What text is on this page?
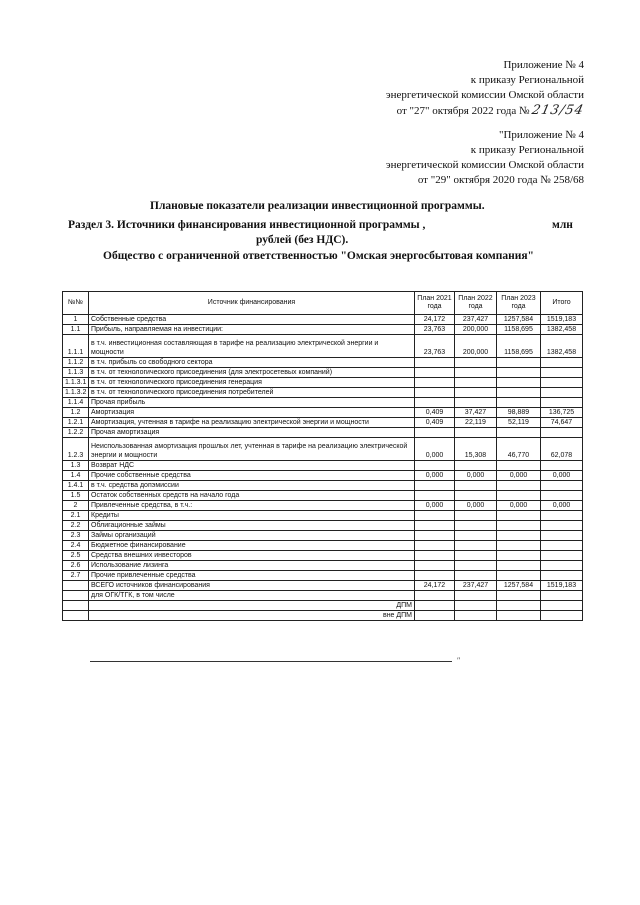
Приложение № 4
к приказу Региональной
энергетической комиссии Омской области
от "27" октября 2022 года № 213/54
"Приложение № 4
к приказу Региональной
энергетической комиссии Омской области
от "29" октября 2020 года № 258/68
Плановые показатели реализации инвестиционной программы.
Раздел 3. Источники финансирования инвестиционной программы ,	млн
рублей (без НДС).
Общество с ограниченной ответственностью "Омская энергосбытовая компания"
№№	Источник финансирования	План 2021 года	План 2022 года	План 2023 года	Итого
1	Собственные средства	24,172	237,427	1257,584	1519,183
1.1	Прибыль, направляемая на инвестиции:	23,763	200,000	1158,695	1382,458
1.1.1	в т.ч. инвестиционная составляющая в тарифе на реализацию электрической энергии и мощности	23,763	200,000	1158,695	1382,458
1.1.2	в т.ч. прибыль со свободного сектора				
1.1.3	в т.ч. от технологического присоединения (для электросетевых компаний)				
1.1.3.1	в т.ч. от технологического присоединения генерация				
1.1.3.2	в т.ч. от технологического присоединения потребителей				
1.1.4	Прочая прибыль				
1.2	Амортизация	0,409	37,427	98,889	136,725
1.2.1	Амортизация, учтенная в тарифе на реализацию электрической энергии и мощности	0,409	22,119	52,119	74,647
1.2.2	Прочая амортизация				
1.2.3	Неиспользованная амортизация прошлых лет, учтенная в тарифе на реализацию электрической энергии и мощности	0,000	15,308	46,770	62,078
1.3	Возврат НДС				
1.4	Прочие собственные средства	0,000	0,000	0,000	0,000
1.4.1	в т.ч. средства допэмиссии				
1.5	Остаток собственных средств на начало года				
2	Привлеченные средства, в т.ч.:	0,000	0,000	0,000	0,000
2.1	Кредиты				
2.2	Облигационные займы				
2.3	Займы организаций				
2.4	Бюджетное финансирование				
2.5	Средства внешних инвесторов				
2.6	Использование лизинга				
2.7	Прочие привлеченные средства				
	ВСЕГО источников финансирования	24,172	237,427	1257,584	1519,183
	для ОГК/ТГК, в том числе				
	ДПМ				
	вне ДПМ				
″
